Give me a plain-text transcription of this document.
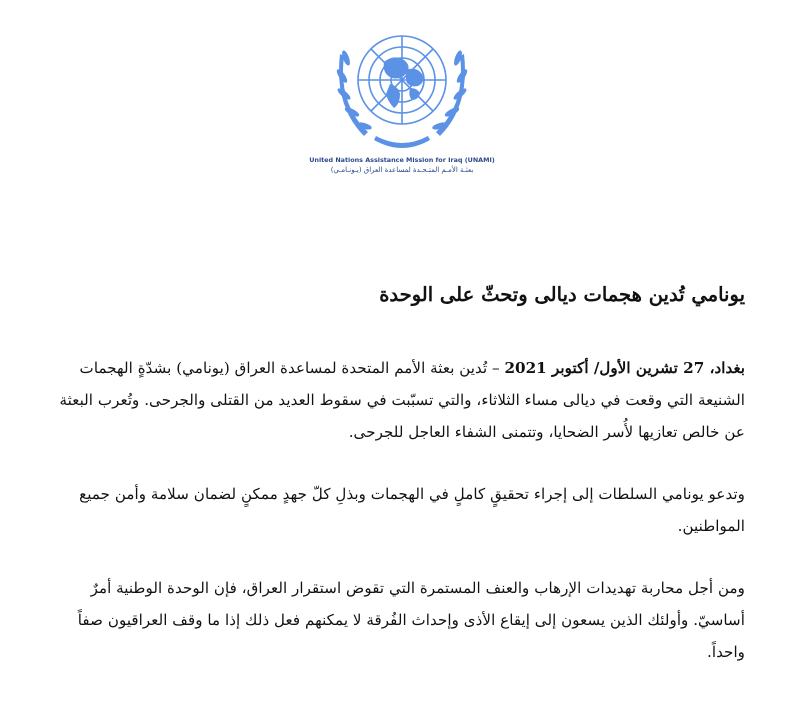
United Nations Assistance Mission for Iraq (UNAMI)
بعثـة الأمـم المتـحـدة لمساعدة العراق (يـونـامـي)
يونامي تُدين هجمات ديالى وتحثّ على الوحدة

بغداد، 27 تشرين الأول/ أكتوبر 2021 – تُدين بعثة الأمم المتحدة لمساعدة العراق (يونامي) بشدّةٍ الهجمات الشنيعة التي وقعت في ديالى مساء الثلاثاء، والتي تسبّبت في سقوط العديد من القتلى والجرحى. وتُعرب البعثة عن خالص تعازيها لأُسر الضحايا، وتتمنى الشفاء العاجل للجرحى.

وتدعو يونامي السلطات إلى إجراء تحقيقٍ كاملٍ في الهجمات وبذلِ كلّ جهدٍ ممكنٍ لضمان سلامة وأمن جميع المواطنين.

ومن أجل محاربة تهديدات الإرهاب والعنف المستمرة التي تقوض استقرار العراق، فإن الوحدة الوطنية أمرٌ أساسيّ. وأولئك الذين يسعون إلى إيقاع الأذى وإحداث الفُرقة لا يمكنهم فعل ذلك إذا ما وقف العراقيون صفاً واحداً.
